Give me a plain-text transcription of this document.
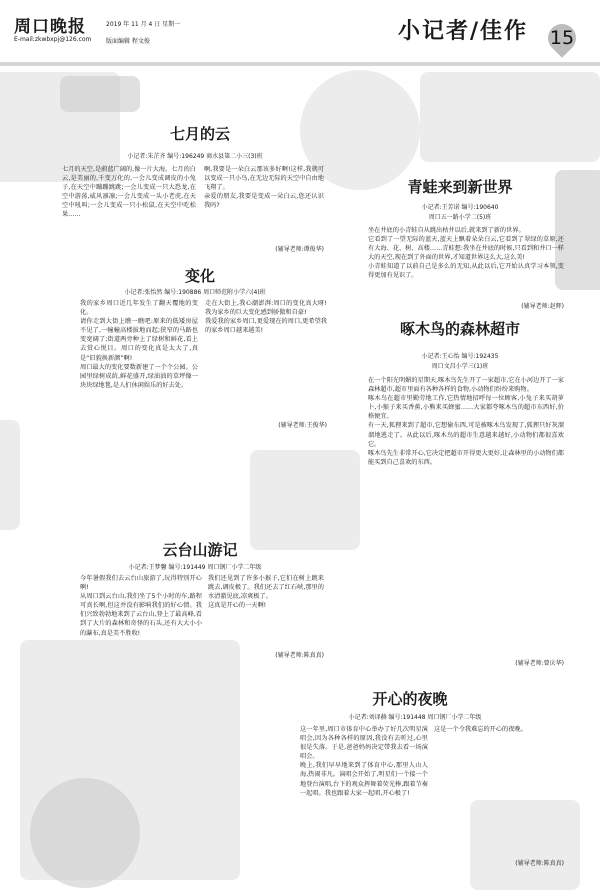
周口晚报
E-mail:zkwbxpj@126.com
2019 年 11 月 4 日 星期一
版面编辑 程文俊	小记者/佳作 15
七月的云
小记者:朱芷齐 编号:196249 商水县第二小三(3)班
七月的天空,是蔚蓝广阔的,像一片大海。七月的白云,是美丽的,千变万化的,一会儿变成调皮的小兔子,在天空中蹦蹦跳跳;一会儿变成一只大恐龙,在空中游荡,威风凛凛;一会儿变成一头小老虎,在天空中吼叫;一会儿变成一只小松鼠,在天空中吃松果……
啊,我要是一朵白云那该多好啊!这样,我就可以变成一只小鸟,在无边无际的天空中自由地飞翔了。
亲爱的朋友,我要是变成一朵白云,您还认识我吗?
(辅导老师:谭俊华)
变化
小记者:张怡然 编号:190886 周口师范附小学六(4)班
我的家乡周口近几年发生了翻天覆地的变化。
请你走到大街上瞧一瞧吧:原来的低矮房屋不见了,一幢幢高楼拔地而起;狭窄的马路也变宽阔了;街道两旁种上了绿树和鲜花,看上去赏心悦目。周口的变化真是太大了,真是“旧貌换新颜”啊!
周口最大的变化要数新建了一个个公园。公园里绿树成荫,鲜花盛开,绿油油的草坪像一块块绿地毯,是人们休闲娱乐的好去处。
走在大街上,我心潮澎湃:周口的变化真大呀!我为家乡的巨大变化感到骄傲和自豪!
我爱我的家乡周口,更爱现在的周口,更希望我的家乡周口越来越美!
(辅导老师:王俊华)
云台山游记
小记者:王梦馨 编号:191449 周口钢厂小学二年级
今年暑假我们去云台山旅游了,玩得特别开心啊!
从周口到云台山,我们坐了5个小时的车,路程可真长啊,但这并没有影响我们的好心情。我们兴致勃勃地来到了云台山,登上了最高峰,看到了大片的森林和奇怪的石头,还有大大小小的瀑布,真是美不胜收!
我们还见到了许多小猴子,它们在树上跳来跳去,调皮极了。我们还去了红石峡,那里的水清澈见底,凉爽极了。
这真是开心的一天啊!
(辅导老师:陈真真)
青蛙来到新世界
小记者:王芳诺 编号:190640
周口五一路小学二(5)班
坐在井底的小青蛙自从跳出枯井以后,就来到了新的世界。
它看到了一望无际的蓝天,蓝天上飘着朵朵白云,它看到了翠绿的草原,还有大海、花、树、高楼……青蛙想:我坐在井底的时候,只看到和井口一样大的天空,现在到了外面的世界,才知道世界这么大,这么美!
小青蛙知道了以前自己是多么的无知,从此以后,它开始认真学习本领,变得更加有见识了。
(辅导老师:赵辉)
啄木鸟的森林超市
小记者:王心怡 编号:192435
周口文昌小学三(1)班
在一个阳光明媚的星期天,啄木鸟先生开了一家超市,它在小河边开了一家森林超市,超市里面有各种各样的食物,小动物们纷纷来购物。
啄木鸟在超市里勤劳地工作,它热情地招呼每一位顾客,小兔子来买胡萝卜,小猴子来买香蕉,小熊来买蜂蜜……大家都夸啄木鸟的超市东西好,价格便宜。
有一天,狐狸来到了超市,它想偷东西,可是被啄木鸟发现了,狐狸只好灰溜溜地逃走了。从此以后,啄木鸟的超市生意越来越好,小动物们都很喜欢它。
啄木鸟先生非常开心,它决定把超市开得更大更好,让森林里的小动物们都能买到自己喜欢的东西。
(辅导老师:曾庆华)
开心的夜晚
小记者:刘译赫 编号:191448 周口钢厂小学二年级
这一年里,周口市体育中心举办了好几次明星演唱会,因为各种各样的原因,我没有去听过,心里很是失落。于是,爸爸妈妈决定带我去看一场演唱会。
晚上,我们早早地来到了体育中心,那里人山人海,热闹非凡。演唱会开始了,明星们一个接一个地登台演唱,台下的观众挥舞着荧光棒,跟着节奏一起唱。我也跟着大家一起唱,开心极了!
这是一个令我难忘的开心的夜晚。
(辅导老师:陈真真)
